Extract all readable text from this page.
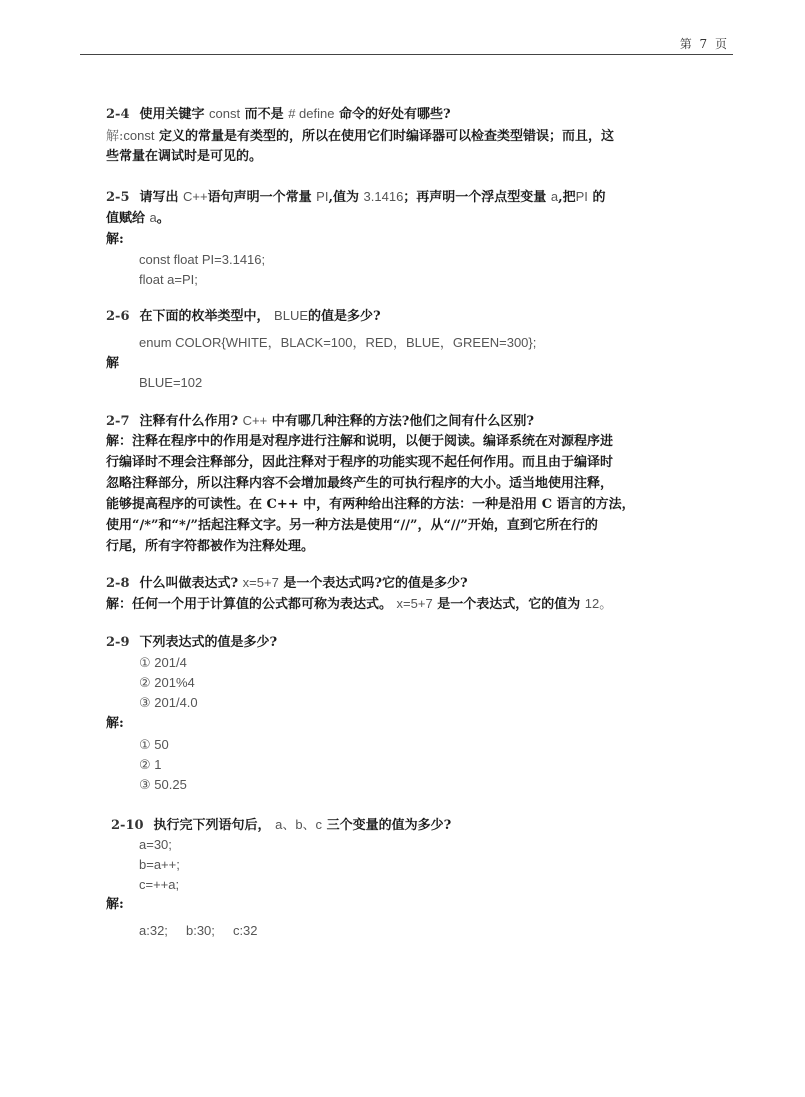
第 7 页
2-4 使用关键字 const 而不是 # define 命令的好处有哪些?
解:const 定义的常量是有类型的，所以在使用它们时编译器可以检查类型错误；而且，这
些常量在调试时是可见的。
2-5 请写出 C++语句声明一个常量 PI,值为 3.1416；再声明一个浮点型变量 a,把PI 的
值赋给 a。
解:
const float PI=3.1416;
float a=PI;
2-6 在下面的枚举类型中， BLUE的值是多少?
enum COLOR{WHITE，BLACK=100，RED，BLUE，GREEN=300};
解
BLUE=102
2-7 注释有什么作用? C++ 中有哪几种注释的方法?他们之间有什么区别?
解：注释在程序中的作用是对程序进行注解和说明，以便于阅读。编译系统在对源程序进
行编译时不理会注释部分，因此注释对于程序的功能实现不起任何作用。而且由于编译时
忽略注释部分，所以注释内容不会增加最终产生的可执行程序的大小。适当地使用注释，
能够提高程序的可读性。在 C++ 中，有两种给出注释的方法：一种是沿用 C 语言的方法，
使用“/*”和“*/”括起注释文字。另一种方法是使用“//”，从“//”开始，直到它所在行的
行尾，所有字符都被作为注释处理。
2-8 什么叫做表达式? x=5+7 是一个表达式吗?它的值是多少?
解：任何一个用于计算值的公式都可称为表达式。 x=5+7 是一个表达式，它的值为 12。
2-9 下列表达式的值是多少?
① 201/4
② 201%4
③ 201/4.0
解:
① 50
② 1
③ 50.25
2-10 执行完下列语句后， a、b、c 三个变量的值为多少?
a=30;
b=a++;
c=++a;
解:
a:32;     b:30;     c:32
